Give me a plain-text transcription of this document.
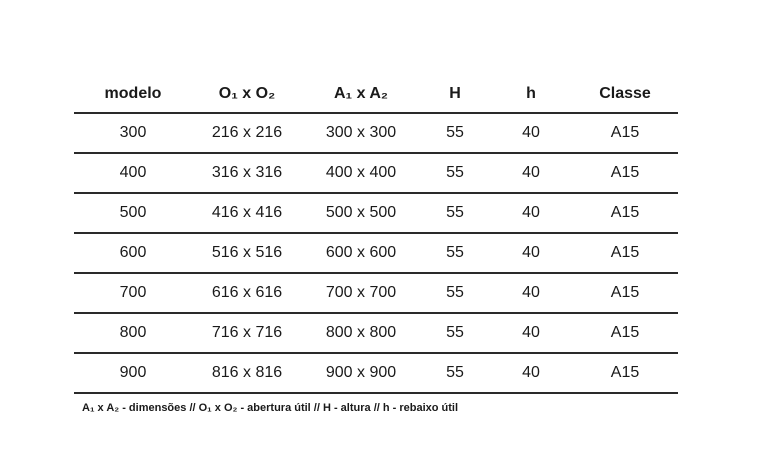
modelo	O₁ x O₂	A₁ x A₂	H	h	Classe
300	216 x 216	300 x 300	55	40	A15
400	316 x 316	400 x 400	55	40	A15
500	416 x 416	500 x 500	55	40	A15
600	516 x 516	600 x 600	55	40	A15
700	616 x 616	700 x 700	55	40	A15
800	716 x 716	800 x 800	55	40	A15
900	816 x 816	900 x 900	55	40	A15
A₁ x A₂ - dimensões // O₁ x O₂ - abertura útil // H - altura // h - rebaixo útil
